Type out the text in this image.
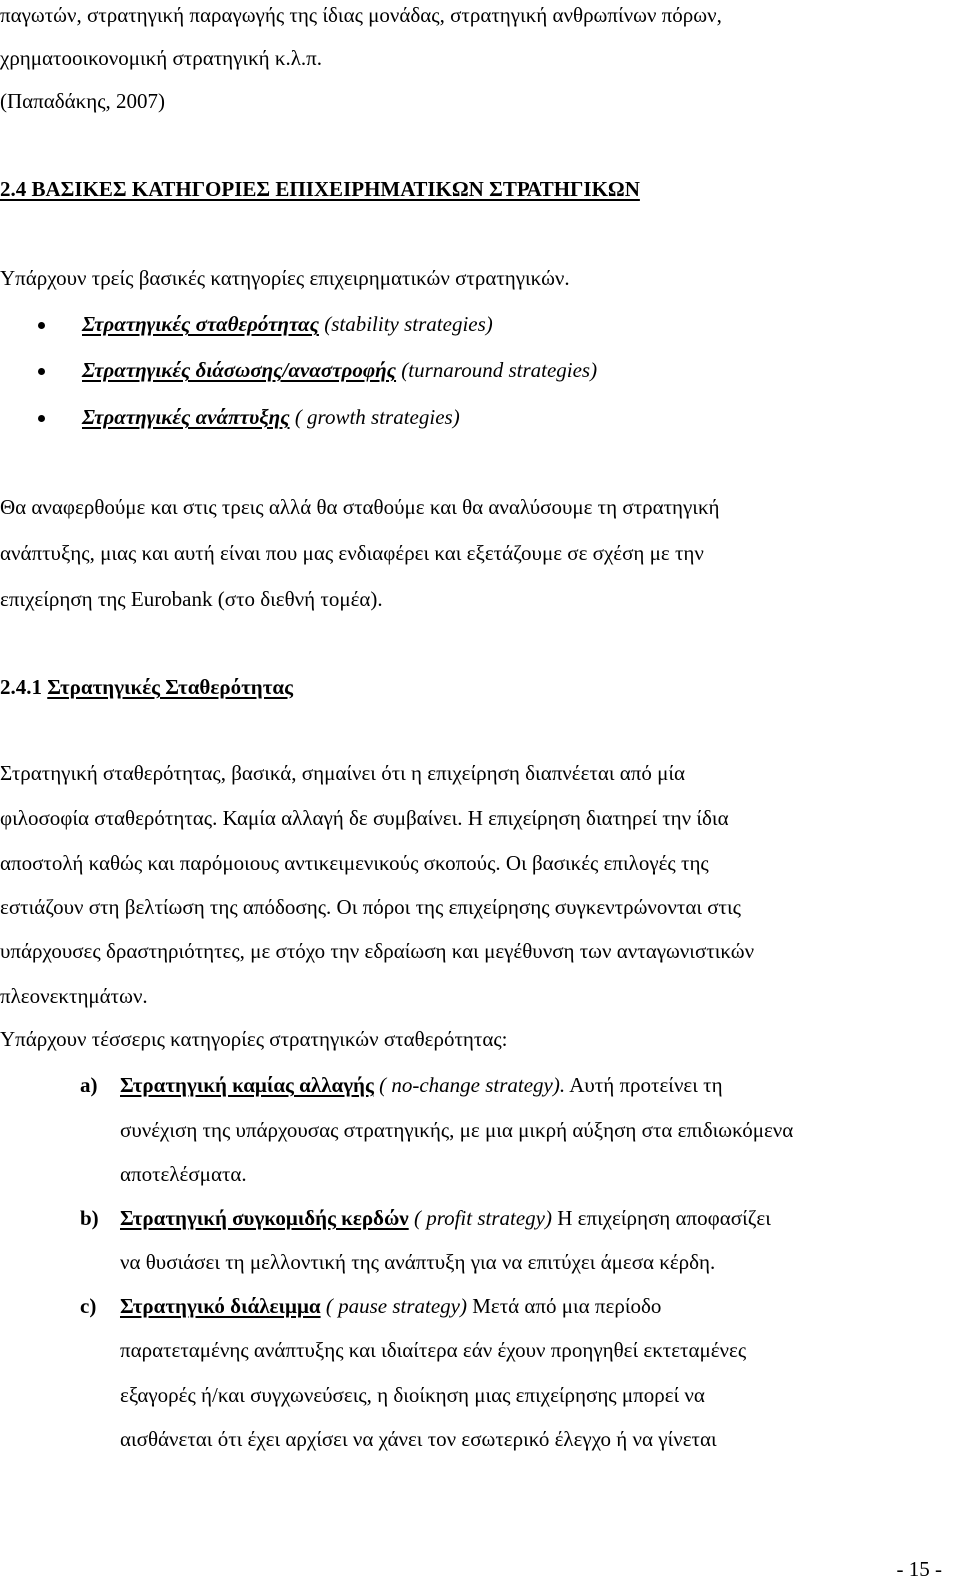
παγωτών, στρατηγική παραγωγής της ίδιας μονάδας, στρατηγική ανθρωπίνων πόρων,
χρηματοοικονομική στρατηγική κ.λ.π.
(Παπαδάκης, 2007)
2.4 ΒΑΣΙΚΕΣ ΚΑΤΗΓΟΡΙΕΣ ΕΠΙΧΕΙΡΗΜΑΤΙΚΩΝ ΣΤΡΑΤΗΓΙΚΩΝ
Υπάρχουν τρείς βασικές κατηγορίες επιχειρηματικών στρατηγικών.
Στρατηγικές σταθερότητας (stability strategies)
Στρατηγικές διάσωσης/αναστροφής (turnaround strategies)
Στρατηγικές ανάπτυξης ( growth strategies)
Θα αναφερθούμε και στις τρεις αλλά θα σταθούμε και θα αναλύσουμε τη στρατηγική
ανάπτυξης, μιας και αυτή είναι που μας ενδιαφέρει και εξετάζουμε σε σχέση με την
επιχείρηση της Eurobank (στο διεθνή τομέα).
2.4.1 Στρατηγικές Σταθερότητας
Στρατηγική σταθερότητας, βασικά, σημαίνει ότι η επιχείρηση διαπνέεται από μία
φιλοσοφία σταθερότητας. Καμία αλλαγή δε συμβαίνει. Η επιχείρηση διατηρεί την ίδια
αποστολή καθώς και παρόμοιους αντικειμενικούς σκοπούς. Οι βασικές επιλογές της
εστιάζουν στη βελτίωση της απόδοσης. Οι πόροι της επιχείρησης συγκεντρώνονται στις
υπάρχουσες δραστηριότητες, με στόχο την εδραίωση και μεγέθυνση των ανταγωνιστικών
πλεονεκτημάτων.
Υπάρχουν τέσσερις κατηγορίες στρατηγικών σταθερότητας:
a) Στρατηγική καμίας αλλαγής ( no-change strategy). Αυτή προτείνει τη
συνέχιση της υπάρχουσας στρατηγικής, με μια μικρή αύξηση στα επιδιωκόμενα
αποτελέσματα.
b) Στρατηγική συγκομιδής κερδών ( profit strategy) Η επιχείρηση αποφασίζει
να θυσιάσει τη μελλοντική της ανάπτυξη για να επιτύχει άμεσα κέρδη.
c) Στρατηγικό διάλειμμα ( pause strategy) Μετά από μια περίοδο
παρατεταμένης ανάπτυξης και ιδιαίτερα εάν έχουν προηγηθεί εκτεταμένες
εξαγορές ή/και συγχωνεύσεις, η διοίκηση μιας επιχείρησης μπορεί να
αισθάνεται ότι έχει αρχίσει να χάνει τον εσωτερικό έλεγχο ή να γίνεται
- 15 -
